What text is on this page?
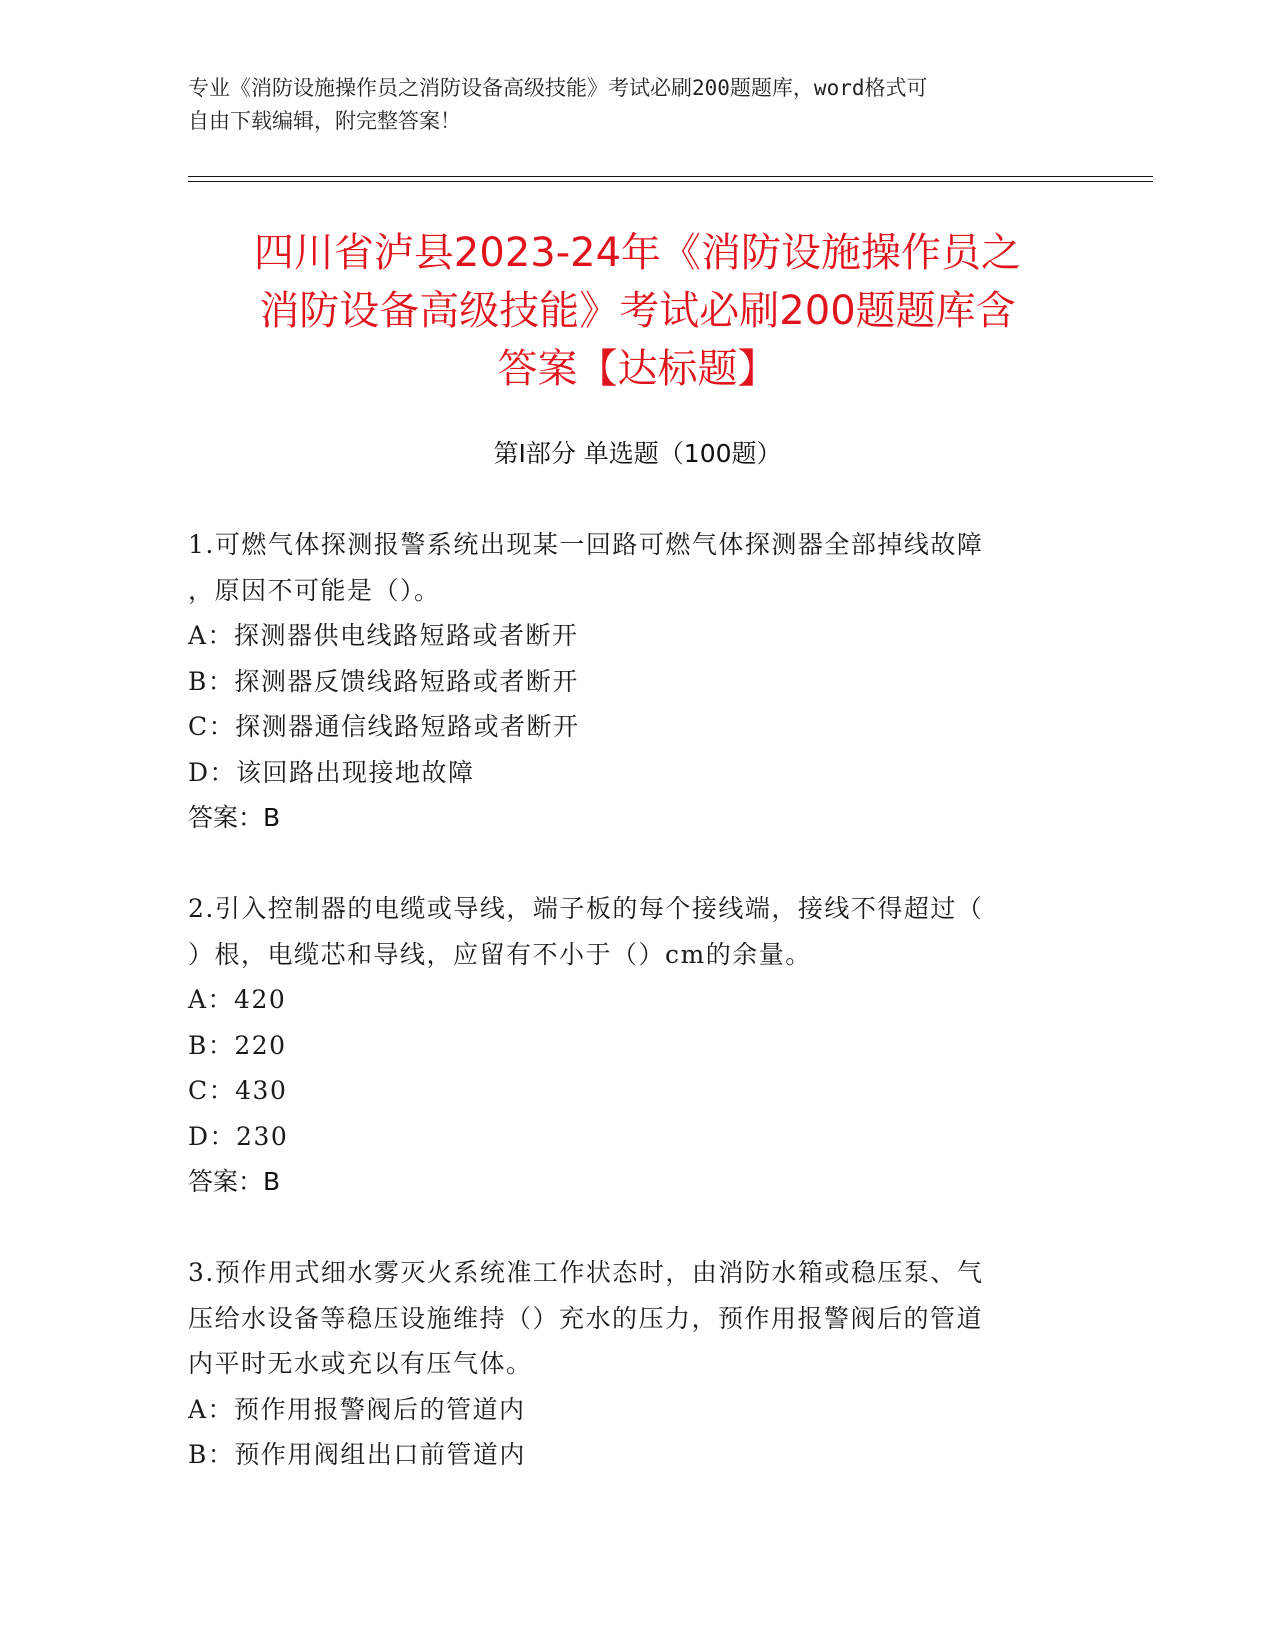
专业《消防设施操作员之消防设备高级技能》考试必刷200题题库，word格式可
自由下载编辑，附完整答案！
四川省泸县2023-24年《消防设施操作员之
消防设备高级技能》考试必刷200题题库含
答案【达标题】
第Ⅰ部分 单选题（100题）
1.可燃气体探测报警系统出现某一回路可燃气体探测器全部掉线故障
，原因不可能是（）。
A：探测器供电线路短路或者断开
B：探测器反馈线路短路或者断开
C：探测器通信线路短路或者断开
D：该回路出现接地故障
答案：B
2.引入控制器的电缆或导线，端子板的每个接线端，接线不得超过（
）根，电缆芯和导线，应留有不小于（）cm的余量。
A：420
B：220
C：430
D：230
答案：B
3.预作用式细水雾灭火系统准工作状态时，由消防水箱或稳压泵、气
压给水设备等稳压设施维持（）充水的压力，预作用报警阀后的管道
内平时无水或充以有压气体。
A：预作用报警阀后的管道内
B：预作用阀组出口前管道内
